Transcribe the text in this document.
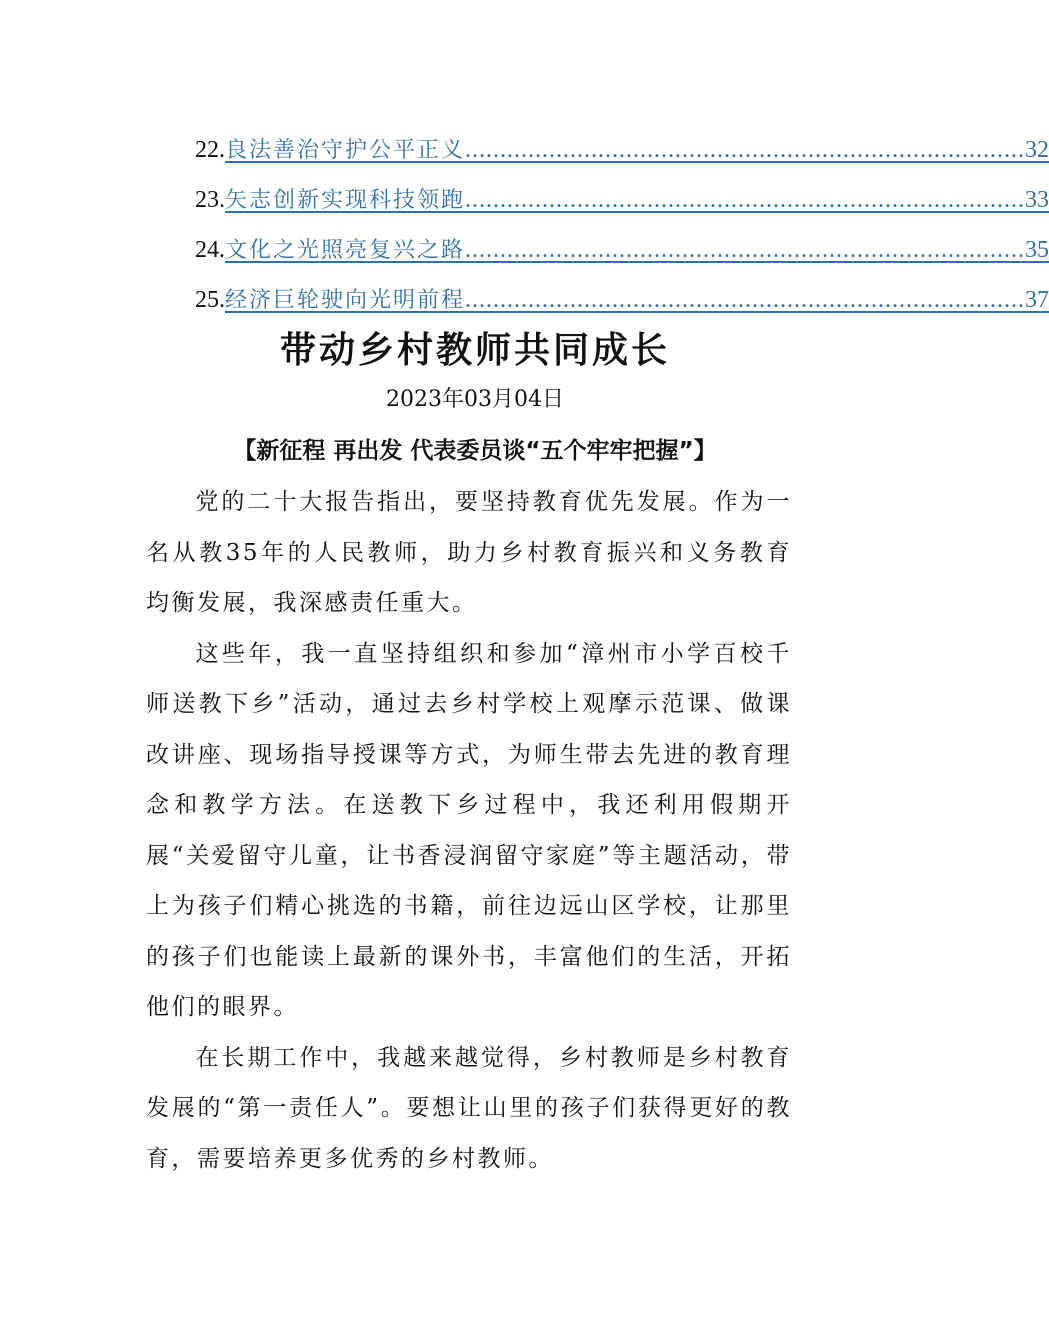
22. 良法善治守护公平正义 ................................................................................ 32
23. 矢志创新实现科技领跑 ................................................................................ 33
24. 文化之光照亮复兴之路 ................................................................................ 35
25. 经济巨轮驶向光明前程 ................................................................................ 37
带动乡村教师共同成长
2023年03月04日
【新征程 再出发 代表委员谈“五个牢牢把握”】

党的二十大报告指出，要坚持教育优先发展。作为一名从教35年的人民教师，助力乡村教育振兴和义务教育均衡发展，我深感责任重大。

这些年，我一直坚持组织和参加“漳州市小学百校千师送教下乡”活动，通过去乡村学校上观摩示范课、做课改讲座、现场指导授课等方式，为师生带去先进的教育理念和教学方法。在送教下乡过程中，我还利用假期开展“关爱留守儿童，让书香浸润留守家庭”等主题活动，带上为孩子们精心挑选的书籍，前往边远山区学校，让那里的孩子们也能读上最新的课外书，丰富他们的生活，开拓他们的眼界。

在长期工作中，我越来越觉得，乡村教师是乡村教育发展的“第一责任人”。要想让山里的孩子们获得更好的教育，需要培养更多优秀的乡村教师。
